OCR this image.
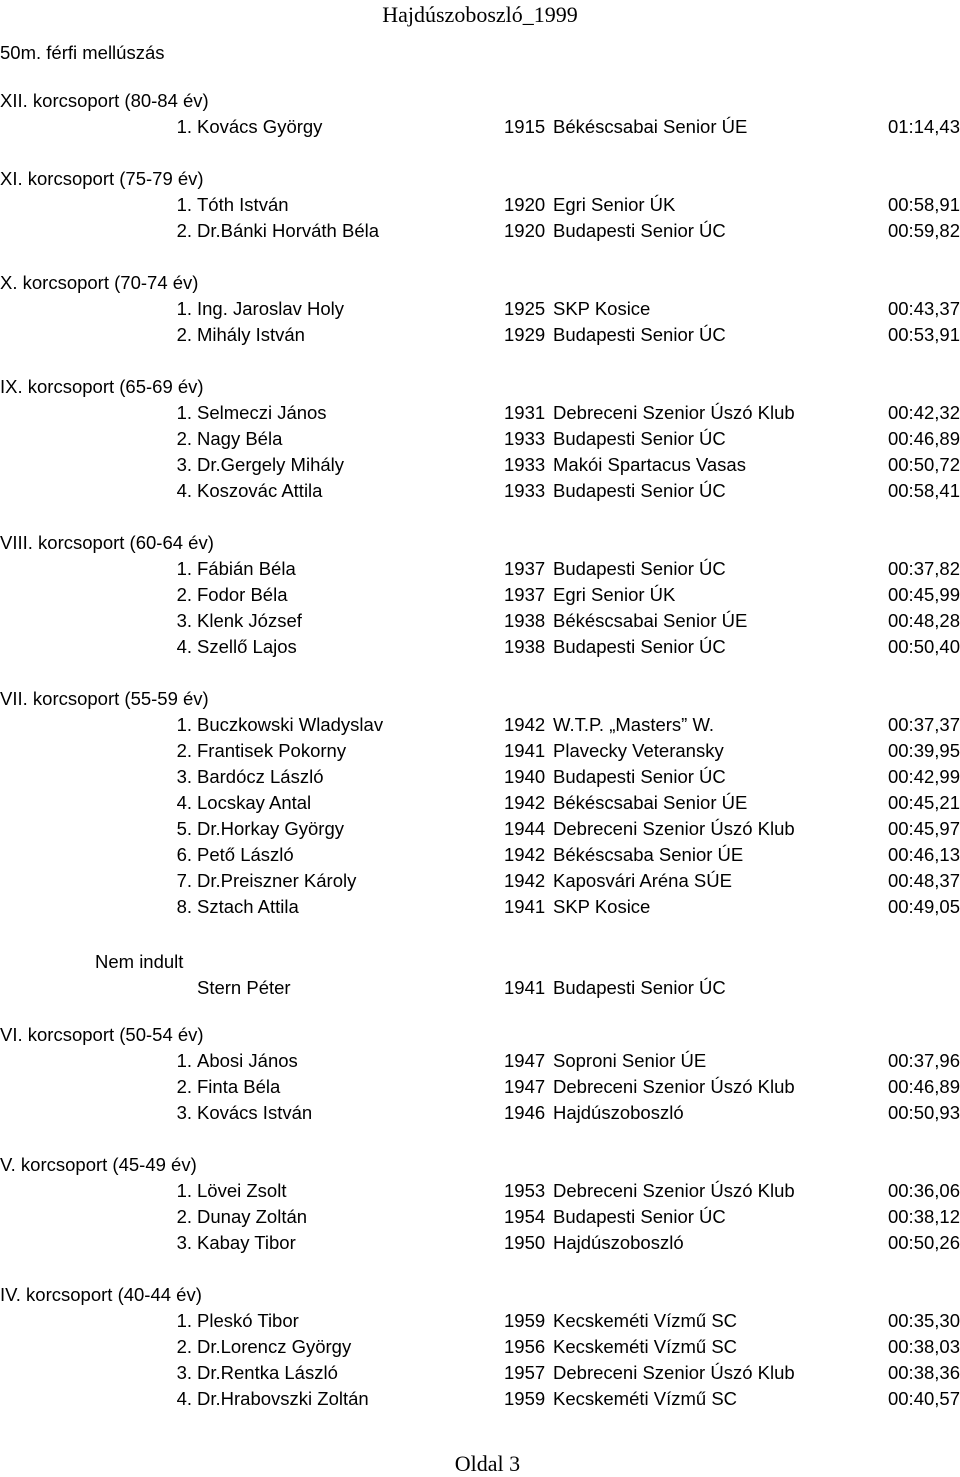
Hajdúszoboszló_1999
50m. férfi mellúszás
XII. korcsoport (80-84 év)
1. Kovács György	1915 Békéscsabai Senior ÚE	01:14,43
XI. korcsoport (75-79 év)
1. Tóth István	1920 Egri Senior ÚK	00:58,91
2. Dr.Bánki Horváth Béla	1920 Budapesti Senior ÚC	00:59,82
X. korcsoport (70-74 év)
1. Ing. Jaroslav Holy	1925 SKP Kosice	00:43,37
2. Mihály István	1929 Budapesti Senior ÚC	00:53,91
IX. korcsoport (65-69 év)
1. Selmeczi János	1931 Debreceni Szenior Úszó Klub	00:42,32
2. Nagy Béla	1933 Budapesti Senior ÚC	00:46,89
3. Dr.Gergely Mihály	1933 Makói Spartacus Vasas	00:50,72
4. Koszovác Attila	1933 Budapesti Senior ÚC	00:58,41
VIII. korcsoport (60-64 év)
1. Fábián Béla	1937 Budapesti Senior ÚC	00:37,82
2. Fodor Béla	1937 Egri Senior ÚK	00:45,99
3. Klenk József	1938 Békéscsabai Senior ÚE	00:48,28
4. Szellő Lajos	1938 Budapesti Senior ÚC	00:50,40
VII. korcsoport (55-59 év)
1. Buczkowski Wladyslav	1942 W.T.P. „Masters” W.	00:37,37
2. Frantisek Pokorny	1941 Plavecky Veteransky	00:39,95
3. Bardócz László	1940 Budapesti Senior ÚC	00:42,99
4. Locskay Antal	1942 Békéscsabai Senior ÚE	00:45,21
5. Dr.Horkay György	1944 Debreceni Szenior Úszó Klub	00:45,97
6. Pető László	1942 Békéscsaba Senior ÚE	00:46,13
7. Dr.Preiszner Károly	1942 Kaposvári Aréna SÚE	00:48,37
8. Sztach Attila	1941 SKP Kosice	00:49,05
VI. korcsoport (50-54 év)
1. Abosi János	1947 Soproni Senior ÚE	00:37,96
2. Finta Béla	1947 Debreceni Szenior Úszó Klub	00:46,89
3. Kovács István	1946 Hajdúszoboszló	00:50,93
V. korcsoport (45-49 év)
1. Lövei Zsolt	1953 Debreceni Szenior Úszó Klub	00:36,06
2. Dunay Zoltán	1954 Budapesti Senior ÚC	00:38,12
3. Kabay Tibor	1950 Hajdúszoboszló	00:50,26
IV. korcsoport (40-44 év)
1. Pleskó Tibor	1959 Kecskeméti Vízmű SC	00:35,30
2. Dr.Lorencz György	1956 Kecskeméti Vízmű SC	00:38,03
3. Dr.Rentka László	1957 Debreceni Szenior Úszó Klub	00:38,36
4. Dr.Hrabovszki Zoltán	1959 Kecskeméti Vízmű SC	00:40,57
Nem indult
Stern Péter	1941 Budapesti Senior ÚC
Oldal 3
